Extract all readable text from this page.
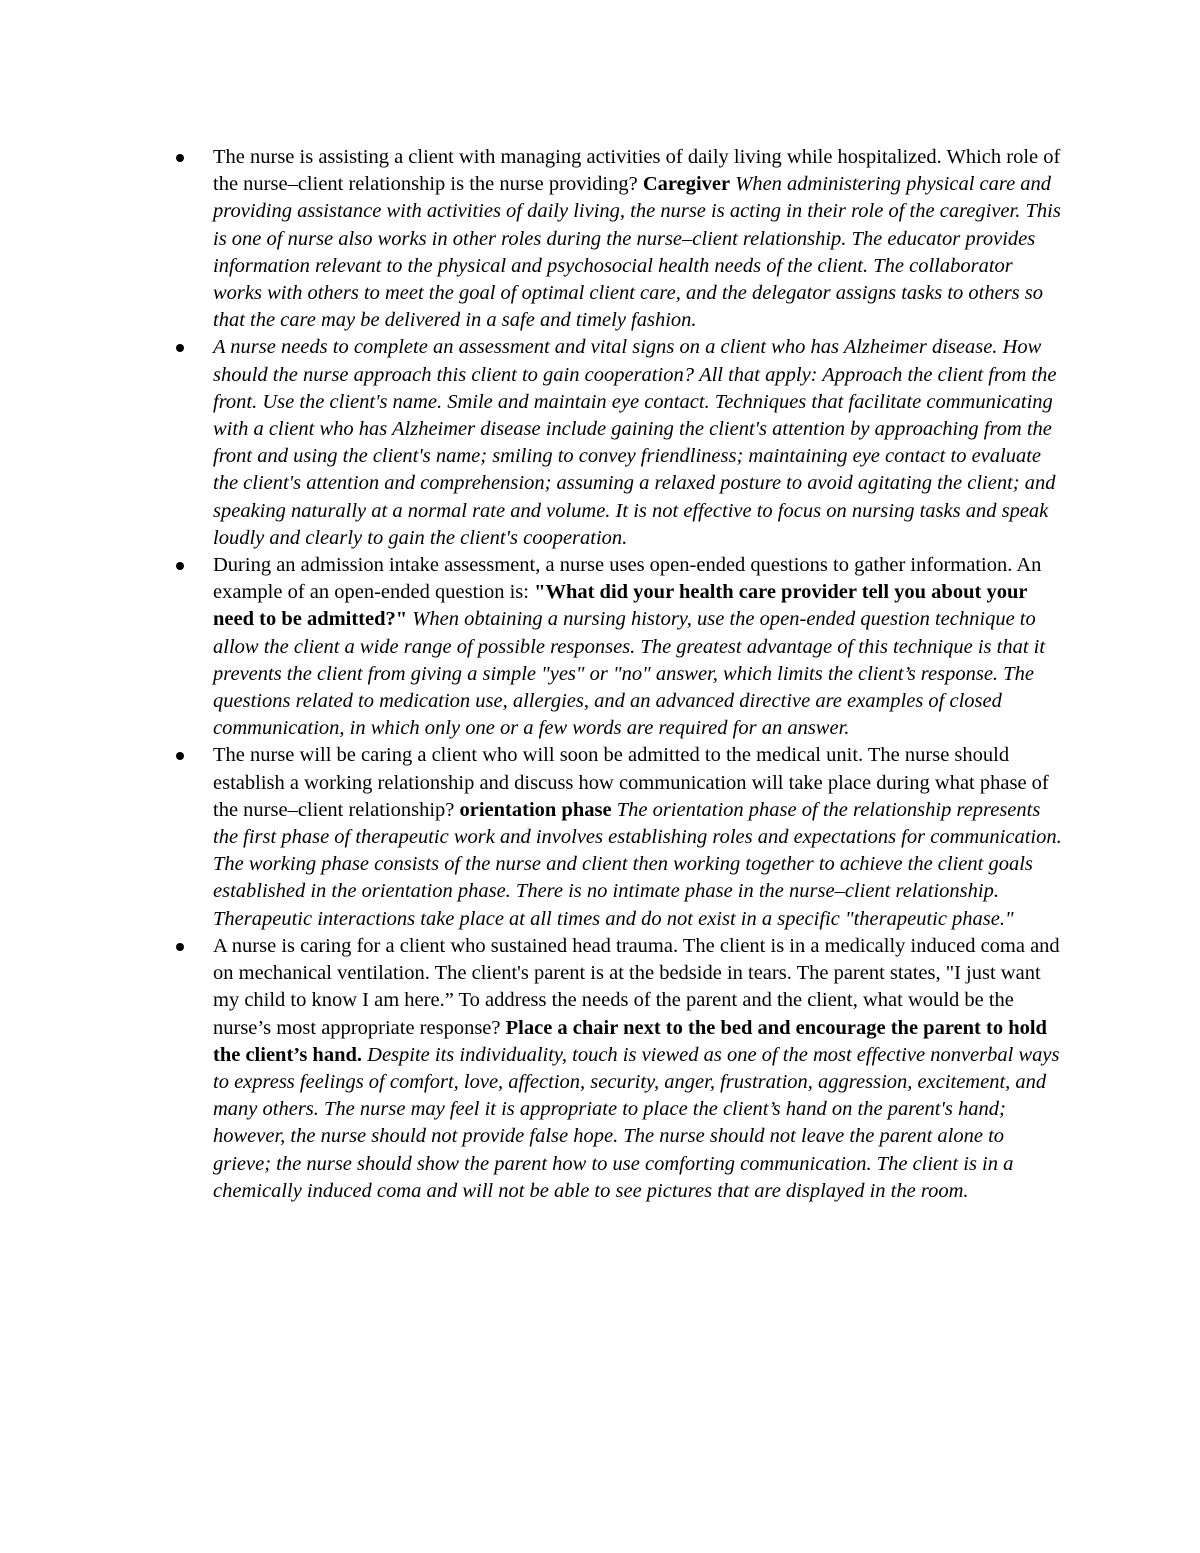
The nurse is assisting a client with managing activities of daily living while hospitalized. Which role of the nurse–client relationship is the nurse providing? Caregiver When administering physical care and providing assistance with activities of daily living, the nurse is acting in their role of the caregiver. This is one of nurse also works in other roles during the nurse–client relationship. The educator provides information relevant to the physical and psychosocial health needs of the client. The collaborator works with others to meet the goal of optimal client care, and the delegator assigns tasks to others so that the care may be delivered in a safe and timely fashion.
A nurse needs to complete an assessment and vital signs on a client who has Alzheimer disease. How should the nurse approach this client to gain cooperation? All that apply: Approach the client from the front. Use the client's name. Smile and maintain eye contact. Techniques that facilitate communicating with a client who has Alzheimer disease include gaining the client's attention by approaching from the front and using the client's name; smiling to convey friendliness; maintaining eye contact to evaluate the client's attention and comprehension; assuming a relaxed posture to avoid agitating the client; and speaking naturally at a normal rate and volume. It is not effective to focus on nursing tasks and speak loudly and clearly to gain the client's cooperation.
During an admission intake assessment, a nurse uses open-ended questions to gather information. An example of an open-ended question is: "What did your health care provider tell you about your need to be admitted?" When obtaining a nursing history, use the open-ended question technique to allow the client a wide range of possible responses. The greatest advantage of this technique is that it prevents the client from giving a simple "yes" or "no" answer, which limits the client’s response. The questions related to medication use, allergies, and an advanced directive are examples of closed communication, in which only one or a few words are required for an answer.
The nurse will be caring a client who will soon be admitted to the medical unit. The nurse should establish a working relationship and discuss how communication will take place during what phase of the nurse–client relationship? orientation phase The orientation phase of the relationship represents the first phase of therapeutic work and involves establishing roles and expectations for communication. The working phase consists of the nurse and client then working together to achieve the client goals established in the orientation phase. There is no intimate phase in the nurse–client relationship. Therapeutic interactions take place at all times and do not exist in a specific "therapeutic phase."
A nurse is caring for a client who sustained head trauma. The client is in a medically induced coma and on mechanical ventilation. The client's parent is at the bedside in tears. The parent states, "I just want my child to know I am here.” To address the needs of the parent and the client, what would be the nurse’s most appropriate response? Place a chair next to the bed and encourage the parent to hold the client’s hand. Despite its individuality, touch is viewed as one of the most effective nonverbal ways to express feelings of comfort, love, affection, security, anger, frustration, aggression, excitement, and many others. The nurse may feel it is appropriate to place the client’s hand on the parent's hand; however, the nurse should not provide false hope. The nurse should not leave the parent alone to grieve; the nurse should show the parent how to use comforting communication. The client is in a chemically induced coma and will not be able to see pictures that are displayed in the room.
